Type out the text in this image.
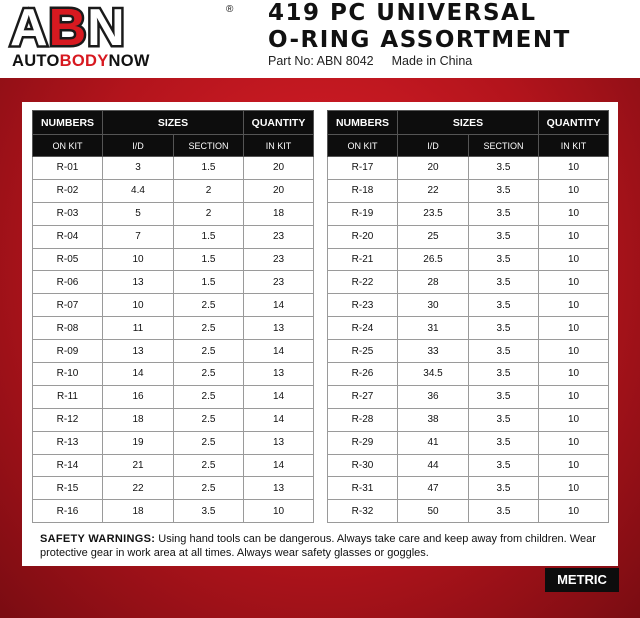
ABN	®
AUTOBODYNOW
419 PC UNIVERSAL
O-RING ASSORTMENT
Part No: ABN 8042 Made in China
NUMBERS	SIZES		QUANTITY
ON KIT	I/D	SECTION	IN KIT
R-01	3	1.5	20
R-02	4.4	2	20
R-03	5	2	18
R-04	7	1.5	23
R-05	10	1.5	23
R-06	13	1.5	23
R-07	10	2.5	14
R-08	11	2.5	13
R-09	13	2.5	14
R-10	14	2.5	13
R-11	16	2.5	14
R-12	18	2.5	14
R-13	19	2.5	13
R-14	21	2.5	14
R-15	22	2.5	13
R-16	18	3.5	10
NUMBERS	SIZES		QUANTITY
ON KIT	I/D	SECTION	IN KIT
R-17	20	3.5	10
R-18	22	3.5	10
R-19	23.5	3.5	10
R-20	25	3.5	10
R-21	26.5	3.5	10
R-22	28	3.5	10
R-23	30	3.5	10
R-24	31	3.5	10
R-25	33	3.5	10
R-26	34.5	3.5	10
R-27	36	3.5	10
R-28	38	3.5	10
R-29	41	3.5	10
R-30	44	3.5	10
R-31	47	3.5	10
R-32	50	3.5	10
SAFETY WARNINGS: Using hand tools can be dangerous. Always take care and keep away from children. Wear protective gear in work area at all times. Always wear safety glasses or goggles.
METRIC
